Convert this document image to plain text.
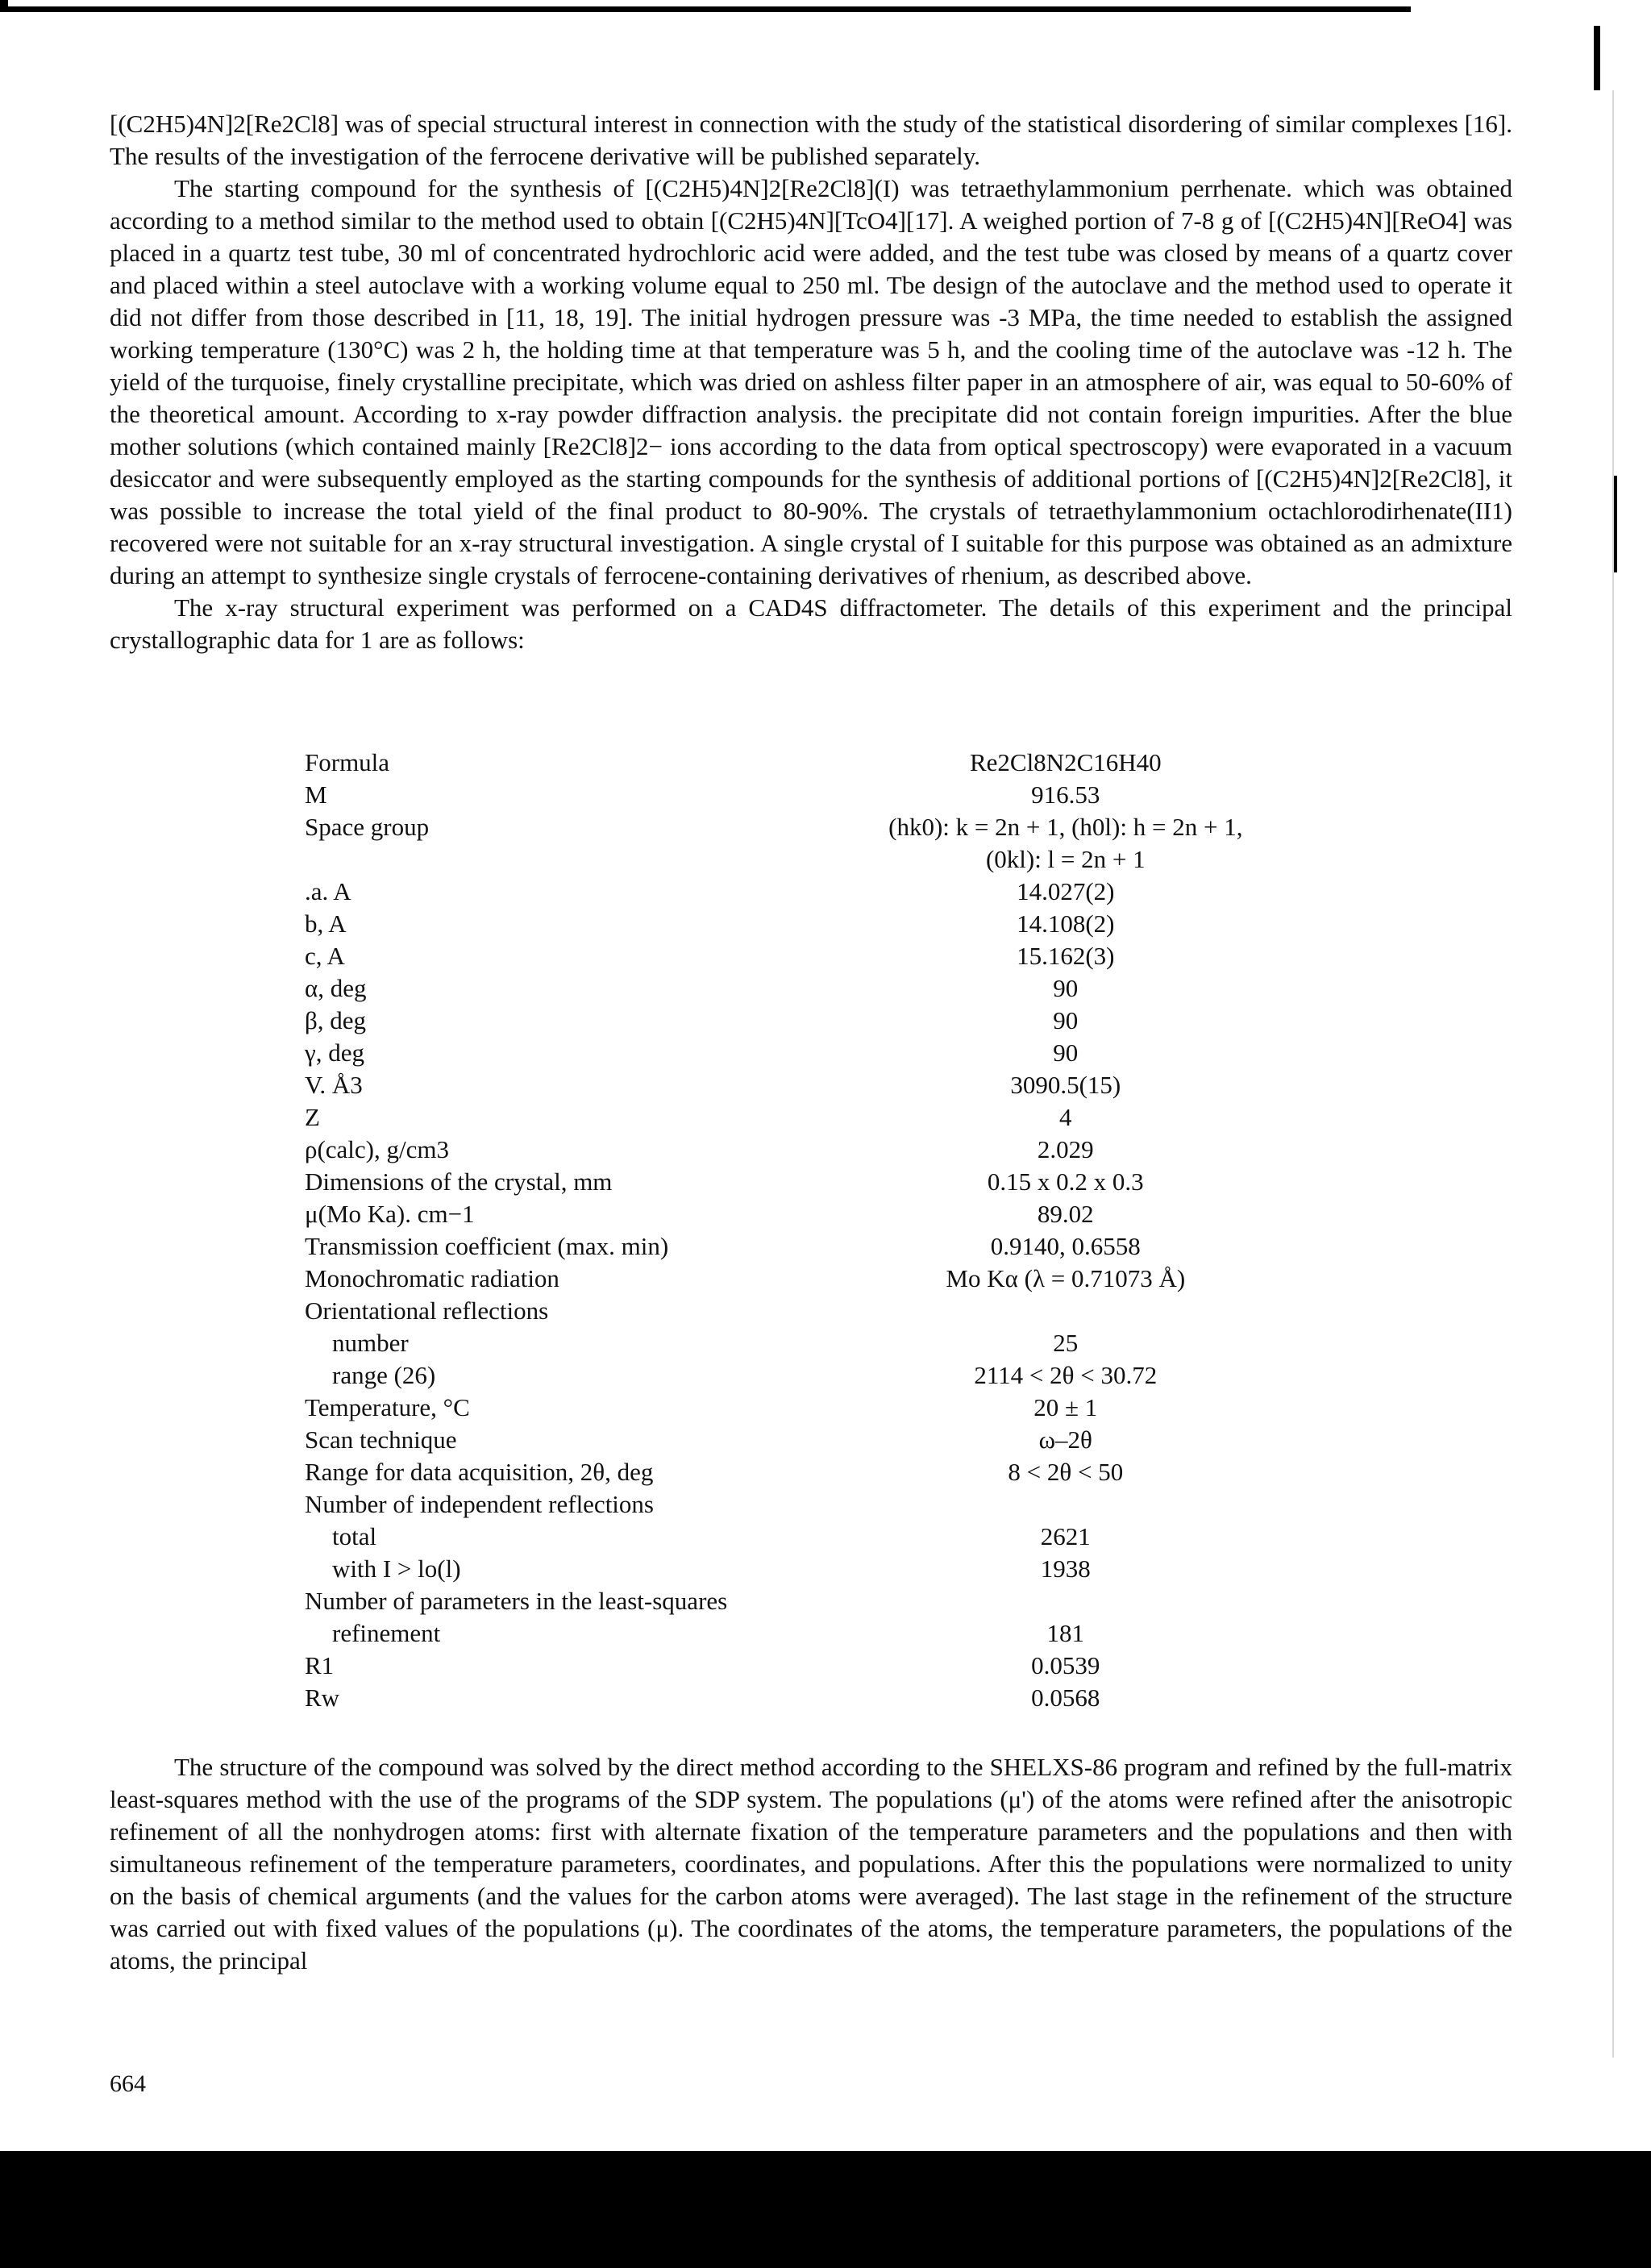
[(C2H5)4N]2[Re2Cl8] was of special structural interest in connection with the study of the statistical disordering of similar complexes [16]. The results of the investigation of the ferrocene derivative will be published separately.

The starting compound for the synthesis of [(C2H5)4N]2[Re2Cl8](I) was tetraethylammonium perrhenate. which was obtained according to a method similar to the method used to obtain [(C2H5)4N][TcO4][17]. A weighed portion of 7-8 g of [(C2H5)4N][ReO4] was placed in a quartz test tube, 30 ml of concentrated hydrochloric acid were added, and the test tube was closed by means of a quartz cover and placed within a steel autoclave with a working volume equal to 250 ml. Tbe design of the autoclave and the method used to operate it did not differ from those described in [11, 18, 19]. The initial hydrogen pressure was -3 MPa, the time needed to establish the assigned working temperature (130°C) was 2 h, the holding time at that temperature was 5 h, and the cooling time of the autoclave was -12 h. The yield of the turquoise, finely crystalline precipitate, which was dried on ashless filter paper in an atmosphere of air, was equal to 50-60% of the theoretical amount. According to x-ray powder diffraction analysis. the precipitate did not contain foreign impurities. After the blue mother solutions (which contained mainly [Re2Cl8]2− ions according to the data from optical spectroscopy) were evaporated in a vacuum desiccator and were subsequently employed as the starting compounds for the synthesis of additional portions of [(C2H5)4N]2[Re2Cl8], it was possible to increase the total yield of the final product to 80-90%. The crystals of tetraethylammonium octachlorodirhenate(II1) recovered were not suitable for an x-ray structural investigation. A single crystal of I suitable for this purpose was obtained as an admixture during an attempt to synthesize single crystals of ferrocene-containing derivatives of rhenium, as described above.

The x-ray structural experiment was performed on a CAD4S diffractometer. The details of this experiment and the principal crystallographic data for 1 are as follows:

Formula	Re2Cl8N2C16H40
M	916.53
Space group	(hk0): k = 2n + 1, (h0l): h = 2n + 1,
	(0kl): l = 2n + 1
.a. A	14.027(2)
b, A	14.108(2)
c, A	15.162(3)
α, deg	90
β, deg	90
γ, deg	90
V. Å3	3090.5(15)
Z	4
ρ(calc), g/cm3	2.029
Dimensions of the crystal, mm	0.15 x 0.2 x 0.3
μ(Mo Ka). cm−1	89.02
Transmission coefficient (max. min)	0.9140, 0.6558
Monochromatic radiation	Mo Kα (λ = 0.71073 Å)
Orientational reflections	
number	25
range (26)	2114 < 2θ < 30.72
Temperature, °C	20 ± 1
Scan technique	ω–2θ
Range for data acquisition, 2θ, deg	8 < 2θ < 50
Number of independent reflections	
total	2621
with I > lo(l)	1938
Number of parameters in the least-squares	
refinement	181
R1	0.0539
Rw	0.0568

The structure of the compound was solved by the direct method according to the SHELXS-86 program and refined by the full-matrix least-squares method with the use of the programs of the SDP system. The populations (μ') of the atoms were refined after the anisotropic refinement of all the nonhydrogen atoms: first with alternate fixation of the temperature parameters and the populations and then with simultaneous refinement of the temperature parameters, coordinates, and populations. After this the populations were normalized to unity on the basis of chemical arguments (and the values for the carbon atoms were averaged). The last stage in the refinement of the structure was carried out with fixed values of the populations (μ). The coordinates of the atoms, the temperature parameters, the populations of the atoms, the principal

664
